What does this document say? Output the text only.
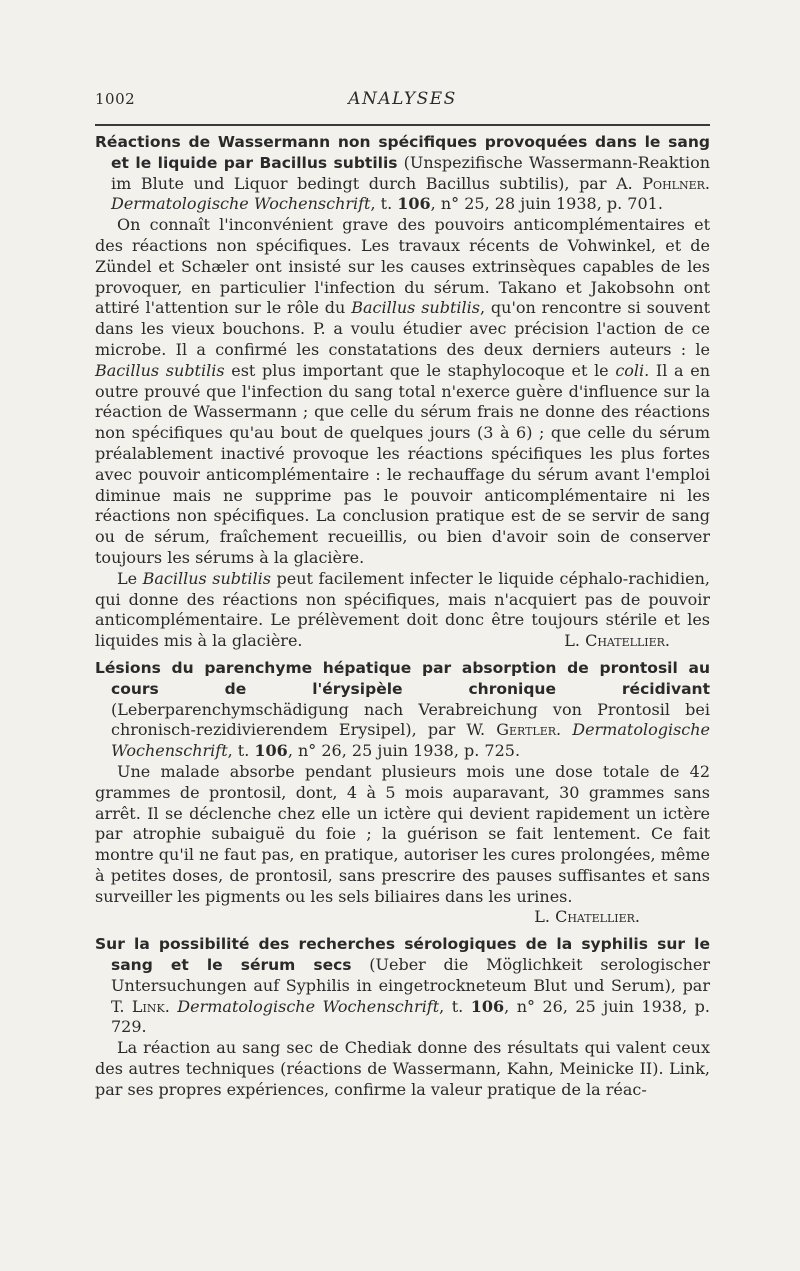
1002	ANALYSES

Réactions de Wassermann non spécifiques provoquées dans le sang et le liquide par Bacillus subtilis (Unspezifische Wassermann-Reaktion im Blute und Liquor bedingt durch Bacillus subtilis), par A. Pohlner. Dermatologische Wochenschrift, t. 106, n° 25, 28 juin 1938, p. 701.

On connaît l'inconvénient grave des pouvoirs anticomplémentaires et des réactions non spécifiques. Les travaux récents de Vohwinkel, et de Zündel et Schæler ont insisté sur les causes extrinsèques capables de les provoquer, en particulier l'infection du sérum. Takano et Jakobsohn ont attiré l'attention sur le rôle du Bacillus subtilis, qu'on rencontre si souvent dans les vieux bouchons. P. a voulu étudier avec précision l'action de ce microbe. Il a confirmé les constatations des deux derniers auteurs : le Bacillus subtilis est plus important que le staphylocoque et le coli. Il a en outre prouvé que l'infection du sang total n'exerce guère d'influence sur la réaction de Wassermann ; que celle du sérum frais ne donne des réactions non spécifiques qu'au bout de quelques jours (3 à 6) ; que celle du sérum préalablement inactivé provoque les réactions spécifiques les plus fortes avec pouvoir anticomplémentaire : le rechauffage du sérum avant l'emploi diminue mais ne supprime pas le pouvoir anticomplémentaire ni les réactions non spécifiques. La conclusion pratique est de se servir de sang ou de sérum, fraîchement recueillis, ou bien d'avoir soin de conserver toujours les sérums à la glacière.

Le Bacillus subtilis peut facilement infecter le liquide céphalo-rachidien, qui donne des réactions non spécifiques, mais n'acquiert pas de pouvoir anticomplémentaire. Le prélèvement doit donc être toujours stérile et les liquides mis à la glacière.	L. Chatellier.

Lésions du parenchyme hépatique par absorption de prontosil au cours de l'érysipèle chronique récidivant (Leberparenchymschädigung nach Verabreichung von Prontosil bei chronisch-rezidivierendem Erysipel), par W. Gertler. Dermatologische Wochenschrift, t. 106, n° 26, 25 juin 1938, p. 725.

Une malade absorbe pendant plusieurs mois une dose totale de 42 grammes de prontosil, dont, 4 à 5 mois auparavant, 30 grammes sans arrêt. Il se déclenche chez elle un ictère qui devient rapidement un ictère par atrophie subaiguë du foie ; la guérison se fait lentement. Ce fait montre qu'il ne faut pas, en pratique, autoriser les cures prolongées, même à petites doses, de prontosil, sans prescrire des pauses suffisantes et sans surveiller les pigments ou les sels biliaires dans les urines.

L. Chatellier.

Sur la possibilité des recherches sérologiques de la syphilis sur le sang et le sérum secs (Ueber die Möglichkeit serologischer Untersuchungen auf Syphilis in eingetrockneteum Blut und Serum), par T. Link. Dermatologische Wochenschrift, t. 106, n° 26, 25 juin 1938, p. 729.

La réaction au sang sec de Chediak donne des résultats qui valent ceux des autres techniques (réactions de Wassermann, Kahn, Meinicke II). Link, par ses propres expériences, confirme la valeur pratique de la réac-
